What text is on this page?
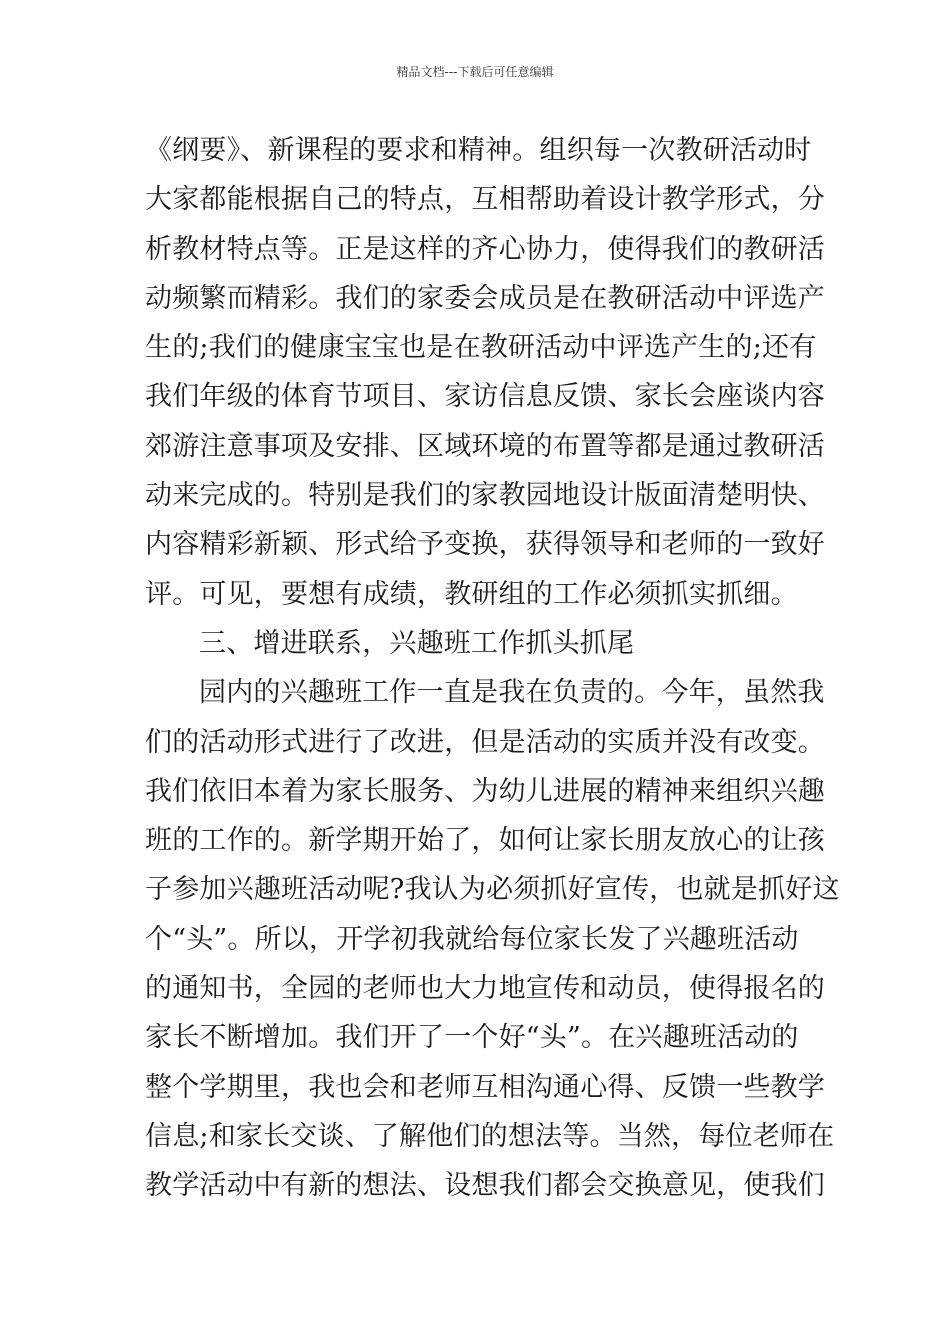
精品文档---下载后可任意编辑
《纲要》、新课程的要求和精神。组织每一次教研活动时
大家都能根据自己的特点，互相帮助着设计教学形式，分
析教材特点等。正是这样的齐心协力，使得我们的教研活
动频繁而精彩。我们的家委会成员是在教研活动中评选产
生的;我们的健康宝宝也是在教研活动中评选产生的;还有
我们年级的体育节项目、家访信息反馈、家长会座谈内容
郊游注意事项及安排、区域环境的布置等都是通过教研活
动来完成的。特别是我们的家教园地设计版面清楚明快、
内容精彩新颖、形式给予变换，获得领导和老师的一致好
评。可见，要想有成绩，教研组的工作必须抓实抓细。
三、增进联系，兴趣班工作抓头抓尾
园内的兴趣班工作一直是我在负责的。今年，虽然我
们的活动形式进行了改进，但是活动的实质并没有改变。
我们依旧本着为家长服务、为幼儿进展的精神来组织兴趣
班的工作的。新学期开始了，如何让家长朋友放心的让孩
子参加兴趣班活动呢?我认为必须抓好宣传，也就是抓好这
个“头”。所以，开学初我就给每位家长发了兴趣班活动
的通知书，全园的老师也大力地宣传和动员，使得报名的
家长不断增加。我们开了一个好“头”。在兴趣班活动的
整个学期里，我也会和老师互相沟通心得、反馈一些教学
信息;和家长交谈、了解他们的想法等。当然，每位老师在
教学活动中有新的想法、设想我们都会交换意见，使我们
